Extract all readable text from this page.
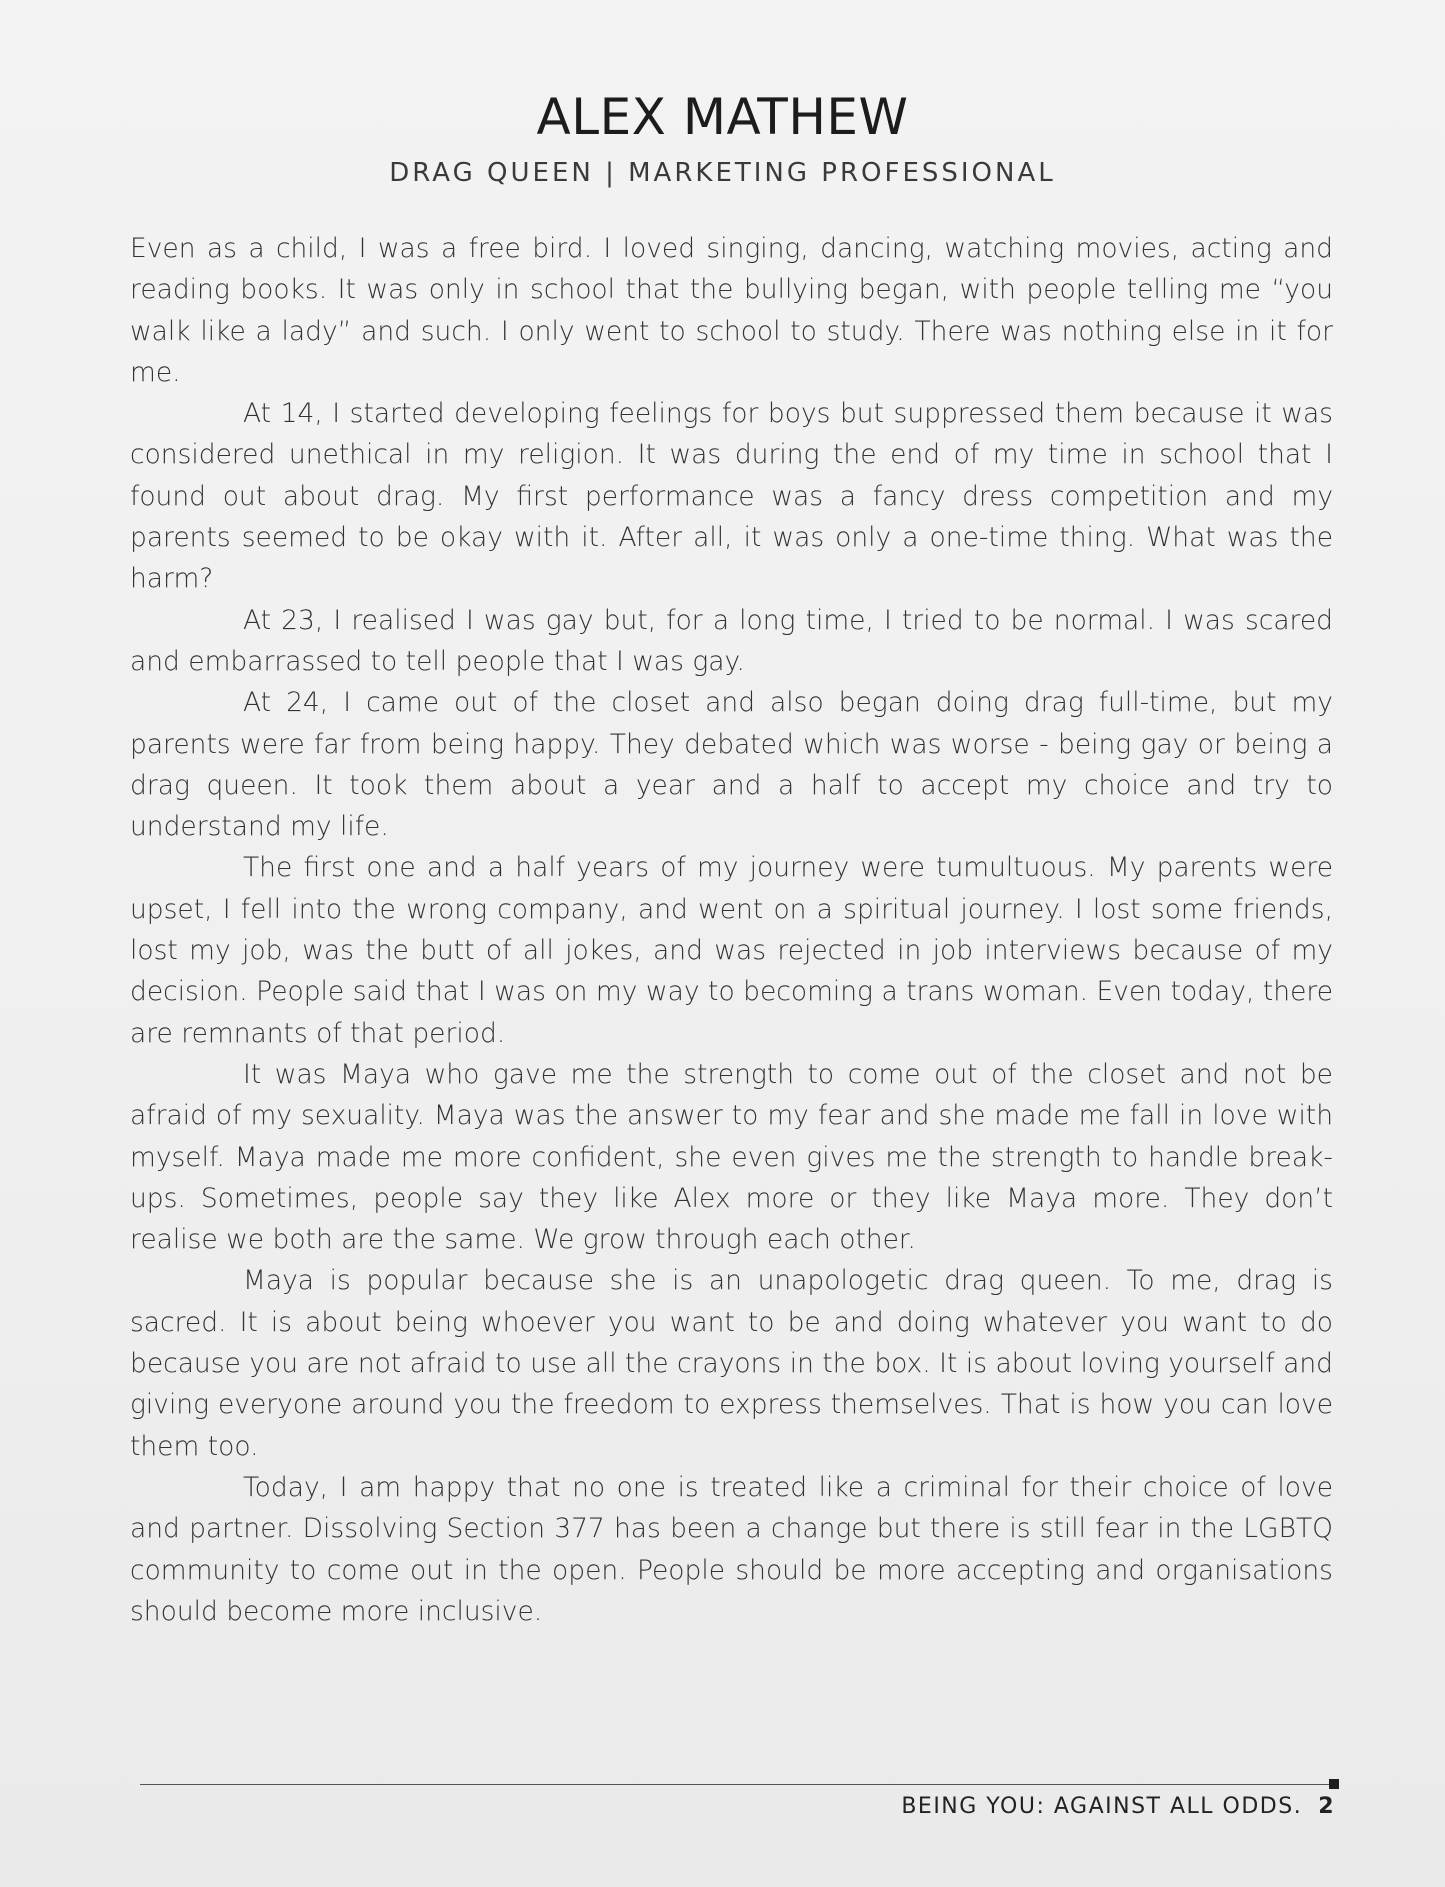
ALEX MATHEW
DRAG QUEEN | MARKETING PROFESSIONAL

Even as a child, I was a free bird. I loved singing, dancing, watching movies, acting and reading books. It was only in school that the bullying began, with people telling me “you walk like a lady” and such. I only went to school to study. There was nothing else in it for me.

At 14, I started developing feelings for boys but suppressed them because it was considered unethical in my religion. It was during the end of my time in school that I found out about drag. My first performance was a fancy dress competition and my parents seemed to be okay with it. After all, it was only a one-time thing. What was the harm?

At 23, I realised I was gay but, for a long time, I tried to be normal. I was scared and embarrassed to tell people that I was gay.

At 24, I came out of the closet and also began doing drag full-time, but my parents were far from being happy. They debated which was worse - being gay or being a drag queen. It took them about a year and a half to accept my choice and try to understand my life.

The first one and a half years of my journey were tumultuous. My parents were upset, I fell into the wrong company, and went on a spiritual journey. I lost some friends, lost my job, was the butt of all jokes, and was rejected in job interviews because of my decision. People said that I was on my way to becoming a trans woman. Even today, there are remnants of that period.

It was Maya who gave me the strength to come out of the closet and not be afraid of my sexuality. Maya was the answer to my fear and she made me fall in love with myself. Maya made me more confident, she even gives me the strength to handle break-ups. Sometimes, people say they like Alex more or they like Maya more. They don’t realise we both are the same. We grow through each other.

Maya is popular because she is an unapologetic drag queen. To me, drag is sacred. It is about being whoever you want to be and doing whatever you want to do because you are not afraid to use all the crayons in the box. It is about loving yourself and giving everyone around you the freedom to express themselves. That is how you can love them too.

Today, I am happy that no one is treated like a criminal for their choice of love and partner. Dissolving Section 377 has been a change but there is still fear in the LGBTQ community to come out in the open. People should be more accepting and organisations should become more inclusive.

BEING YOU: AGAINST ALL ODDS. 2
